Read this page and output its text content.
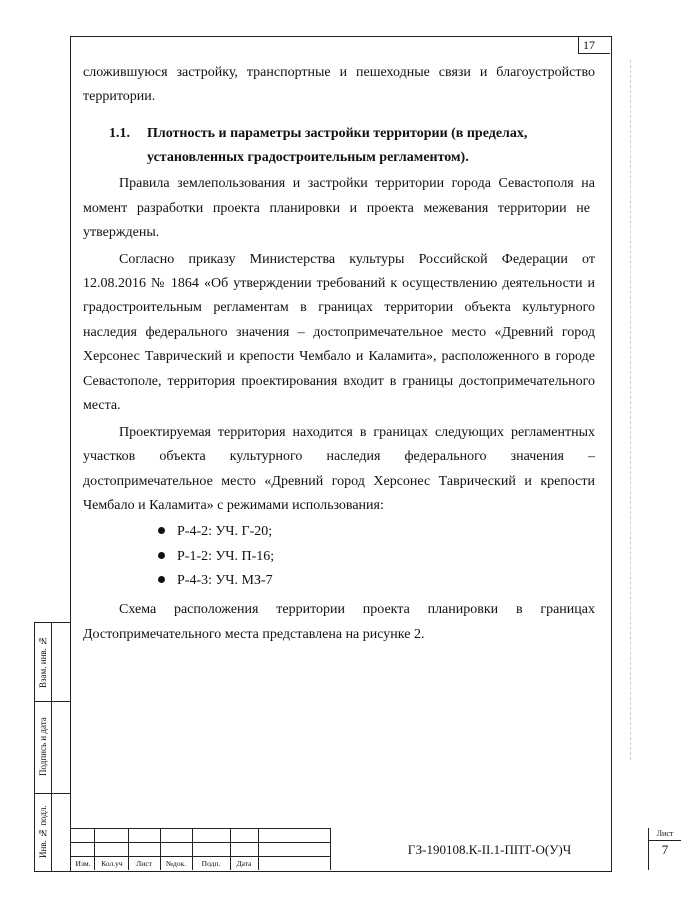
17
сложившуюся застройку, транспортные и пешеходные связи и благоустройство
территории.
1.1. Плотность и параметры застройки территории (в пределах,
установленных градостроительным регламентом).
Правила землепользования и застройки территории города Севастополя на
момент разработки проекта планировки и проекта межевания территории не
утверждены.
Согласно приказу Министерства культуры Российской Федерации от
12.08.2016 № 1864 «Об утверждении требований к осуществлению деятельности и
градостроительным регламентам в границах территории объекта культурного
наследия федерального значения – достопримечательное место «Древний город
Херсонес Таврический и крепости Чембало и Каламита», расположенного в городе
Севастополе, территория проектирования входит в границы достопримечательного
места.
Проектируемая территория находится в границах следующих регламентных
участков объекта культурного наследия федерального значения –
достопримечательное место «Древний город Херсонес Таврический и крепости
Чембало и Каламита» с режимами использования:
Р-4-2: УЧ. Г-20;
Р-1-2: УЧ. П-16;
Р-4-3: УЧ. МЗ-7
Схема расположения территории проекта планировки в границах
Достопримечательного места представлена на рисунке 2.
Взам. инв. №
Подпись и дата
Инв. № подл.
Изм.	Кол.уч	Лист	№док.	Подп.	Дата
ГЗ-190108.К-II.1-ППТ-О(У)Ч
Лист
7
